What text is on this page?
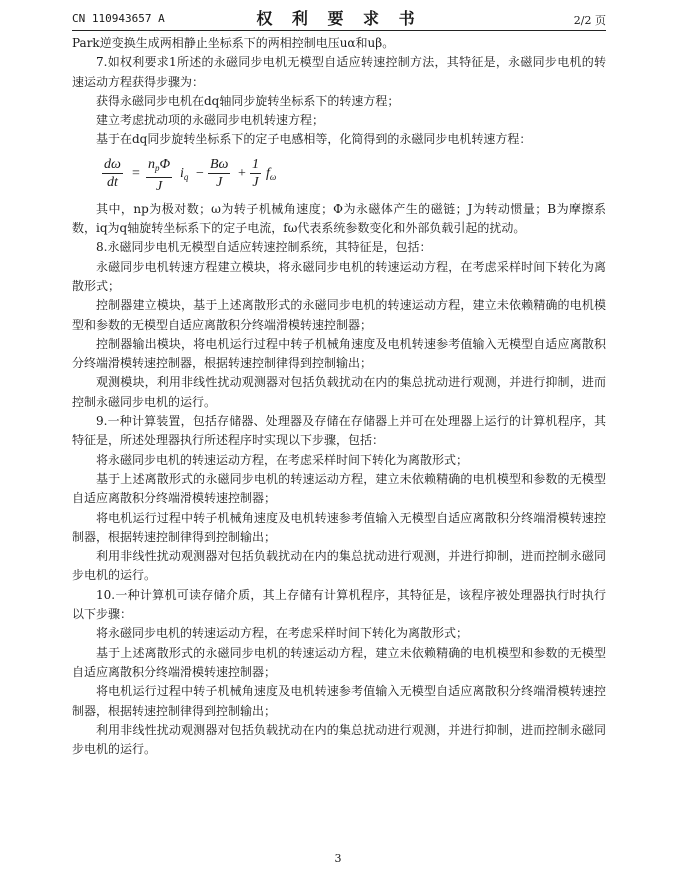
CN 110943657 A	权 利 要 求 书	2/2 页

Park逆变换生成两相静止坐标系下的两相控制电压uα和uβ。

7.如权利要求1所述的永磁同步电机无模型自适应转速控制方法，其特征是，永磁同步电机的转速运动方程获得步骤为：

获得永磁同步电机在dq轴同步旋转坐标系下的转速方程；

建立考虑扰动项的永磁同步电机转速方程；

基于在dq同步旋转坐标系下的定子电感相等，化简得到的永磁同步电机转速方程：

$\frac{d\omega}{dt}$ =
$n_p\Phi$
J
$i_q - \frac{B\omega}{J} + \frac{1}{J} f_\omega$

其中，np为极对数；ω为转子机械角速度；Φ为永磁体产生的磁链；J为转动惯量；B为摩擦系数，iq为q轴旋转坐标系下的定子电流，fω代表系统参数变化和外部负载引起的扰动。

8.永磁同步电机无模型自适应转速控制系统，其特征是，包括：

永磁同步电机转速方程建立模块，将永磁同步电机的转速运动方程，在考虑采样时间下转化为离散形式；

控制器建立模块，基于上述离散形式的永磁同步电机的转速运动方程，建立未依赖精确的电机模型和参数的无模型自适应离散积分终端滑模转速控制器；

控制器输出模块，将电机运行过程中转子机械角速度及电机转速参考值输入无模型自适应离散积分终端滑模转速控制器，根据转速控制律得到控制输出；

观测模块，利用非线性扰动观测器对包括负载扰动在内的集总扰动进行观测，并进行抑制，进而控制永磁同步电机的运行。

9.一种计算装置，包括存储器、处理器及存储在存储器上并可在处理器上运行的计算机程序，其特征是，所述处理器执行所述程序时实现以下步骤，包括：

将永磁同步电机的转速运动方程，在考虑采样时间下转化为离散形式；

基于上述离散形式的永磁同步电机的转速运动方程，建立未依赖精确的电机模型和参数的无模型自适应离散积分终端滑模转速控制器；

将电机运行过程中转子机械角速度及电机转速参考值输入无模型自适应离散积分终端滑模转速控制器，根据转速控制律得到控制输出；

利用非线性扰动观测器对包括负载扰动在内的集总扰动进行观测，并进行抑制，进而控制永磁同步电机的运行。

10.一种计算机可读存储介质，其上存储有计算机程序，其特征是，该程序被处理器执行时执行以下步骤：

将永磁同步电机的转速运动方程，在考虑采样时间下转化为离散形式；

基于上述离散形式的永磁同步电机的转速运动方程，建立未依赖精确的电机模型和参数的无模型自适应离散积分终端滑模转速控制器；

将电机运行过程中转子机械角速度及电机转速参考值输入无模型自适应离散积分终端滑模转速控制器，根据转速控制律得到控制输出；

利用非线性扰动观测器对包括负载扰动在内的集总扰动进行观测，并进行抑制，进而控制永磁同步电机的运行。

3
